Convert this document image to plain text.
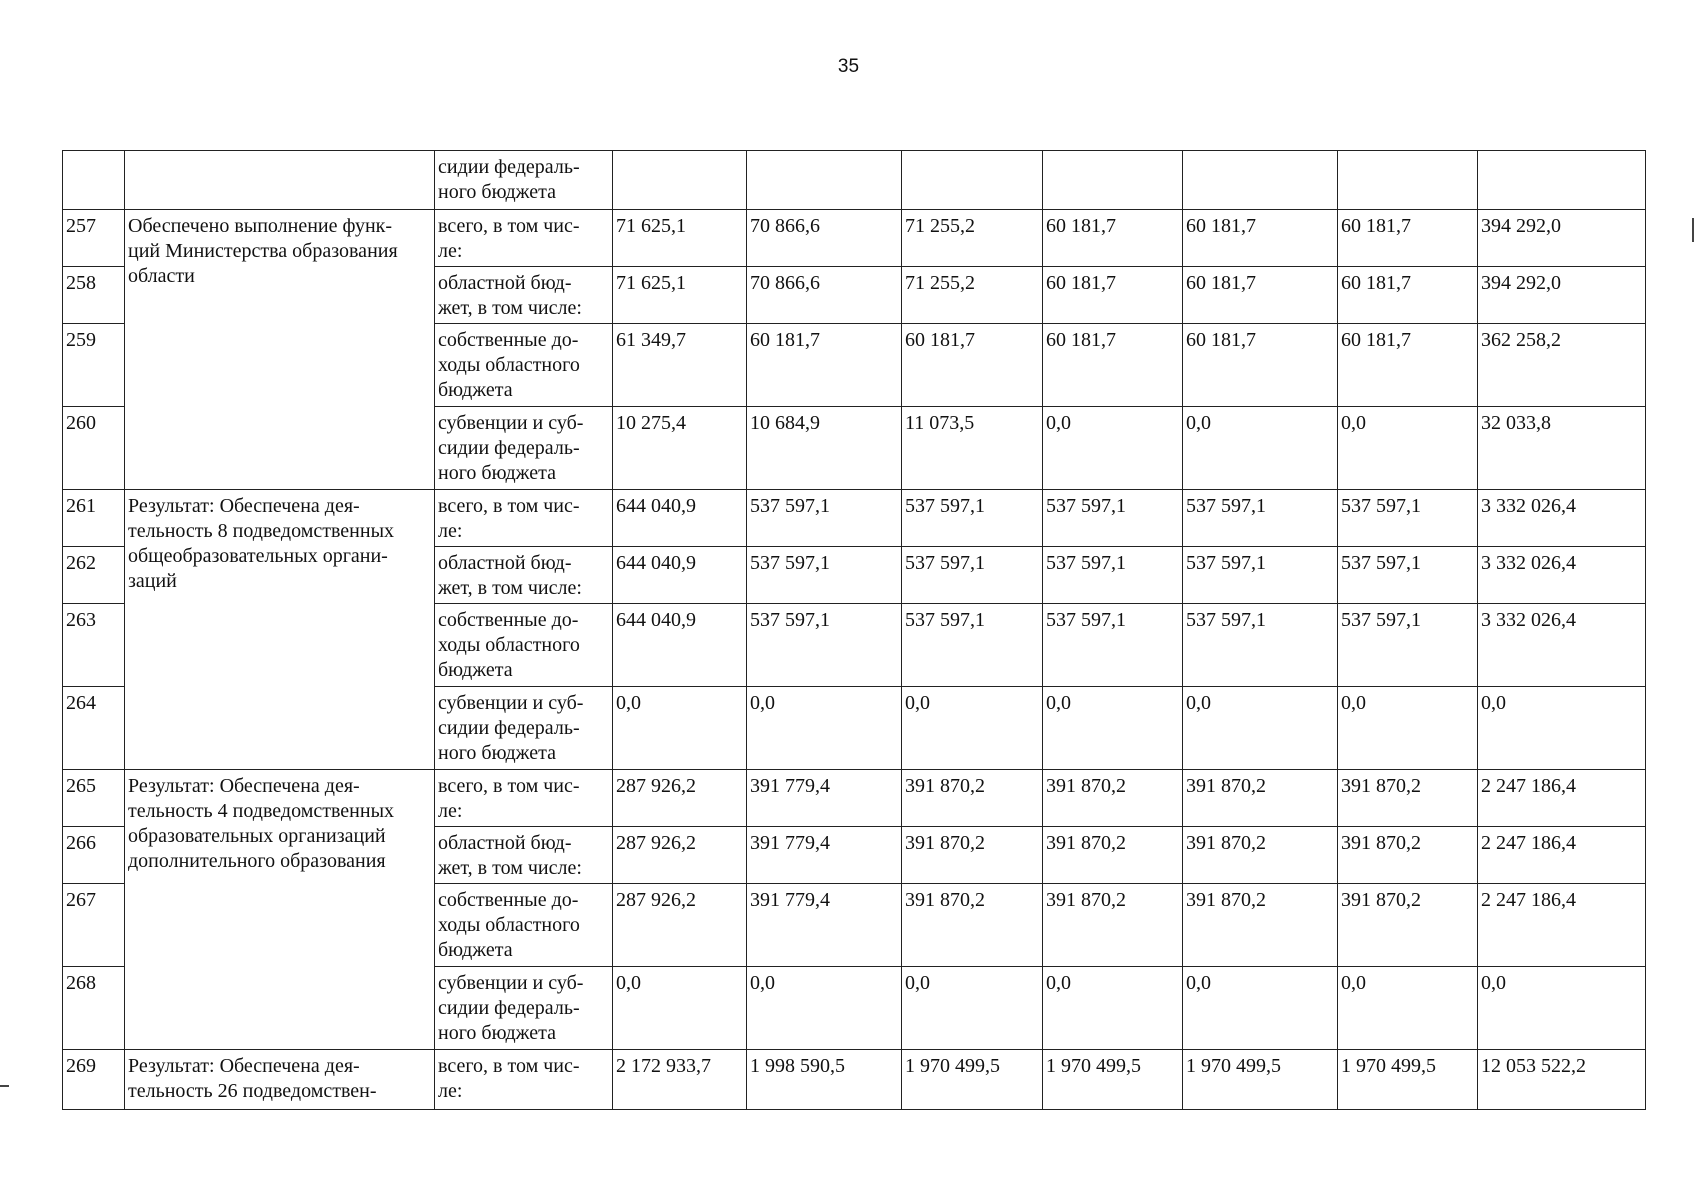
35

		сидии федераль-
ного бюджета							

257	Обеспечено выполнение функ-
ций Министерства образования
области	всего, в том чис-
ле:	71 625,1	70 866,6	71 255,2	60 181,7	60 181,7	60 181,7	394 292,0
258		областной бюд-
жет, в том числе:	71 625,1	70 866,6	71 255,2	60 181,7	60 181,7	60 181,7	394 292,0
259		собственные до-
ходы областного
бюджета	61 349,7	60 181,7	60 181,7	60 181,7	60 181,7	60 181,7	362 258,2
260		субвенции и суб-
сидии федераль-
ного бюджета	10 275,4	10 684,9	11 073,5	0,0	0,0	0,0	32 033,8
261	Результат: Обеспечена дея-
тельность 8 подведомственных
общеобразовательных органи-
заций	всего, в том чис-
ле:	644 040,9	537 597,1	537 597,1	537 597,1	537 597,1	537 597,1	3 332 026,4
262		областной бюд-
жет, в том числе:	644 040,9	537 597,1	537 597,1	537 597,1	537 597,1	537 597,1	3 332 026,4
263		собственные до-
ходы областного
бюджета	644 040,9	537 597,1	537 597,1	537 597,1	537 597,1	537 597,1	3 332 026,4
264		субвенции и суб-
сидии федераль-
ного бюджета	0,0	0,0	0,0	0,0	0,0	0,0	0,0
265	Результат: Обеспечена дея-
тельность 4 подведомственных
образовательных организаций
дополнительного образования	всего, в том чис-
ле:	287 926,2	391 779,4	391 870,2	391 870,2	391 870,2	391 870,2	2 247 186,4
266		областной бюд-
жет, в том числе:	287 926,2	391 779,4	391 870,2	391 870,2	391 870,2	391 870,2	2 247 186,4
267		собственные до-
ходы областного
бюджета	287 926,2	391 779,4	391 870,2	391 870,2	391 870,2	391 870,2	2 247 186,4
268		субвенции и суб-
сидии федераль-
ного бюджета	0,0	0,0	0,0	0,0	0,0	0,0	0,0
269	Результат: Обеспечена дея-
тельность 26 подведомствен-	всего, в том чис-
ле:	2 172 933,7	1 998 590,5	1 970 499,5	1 970 499,5	1 970 499,5	1 970 499,5	12 053 522,2
